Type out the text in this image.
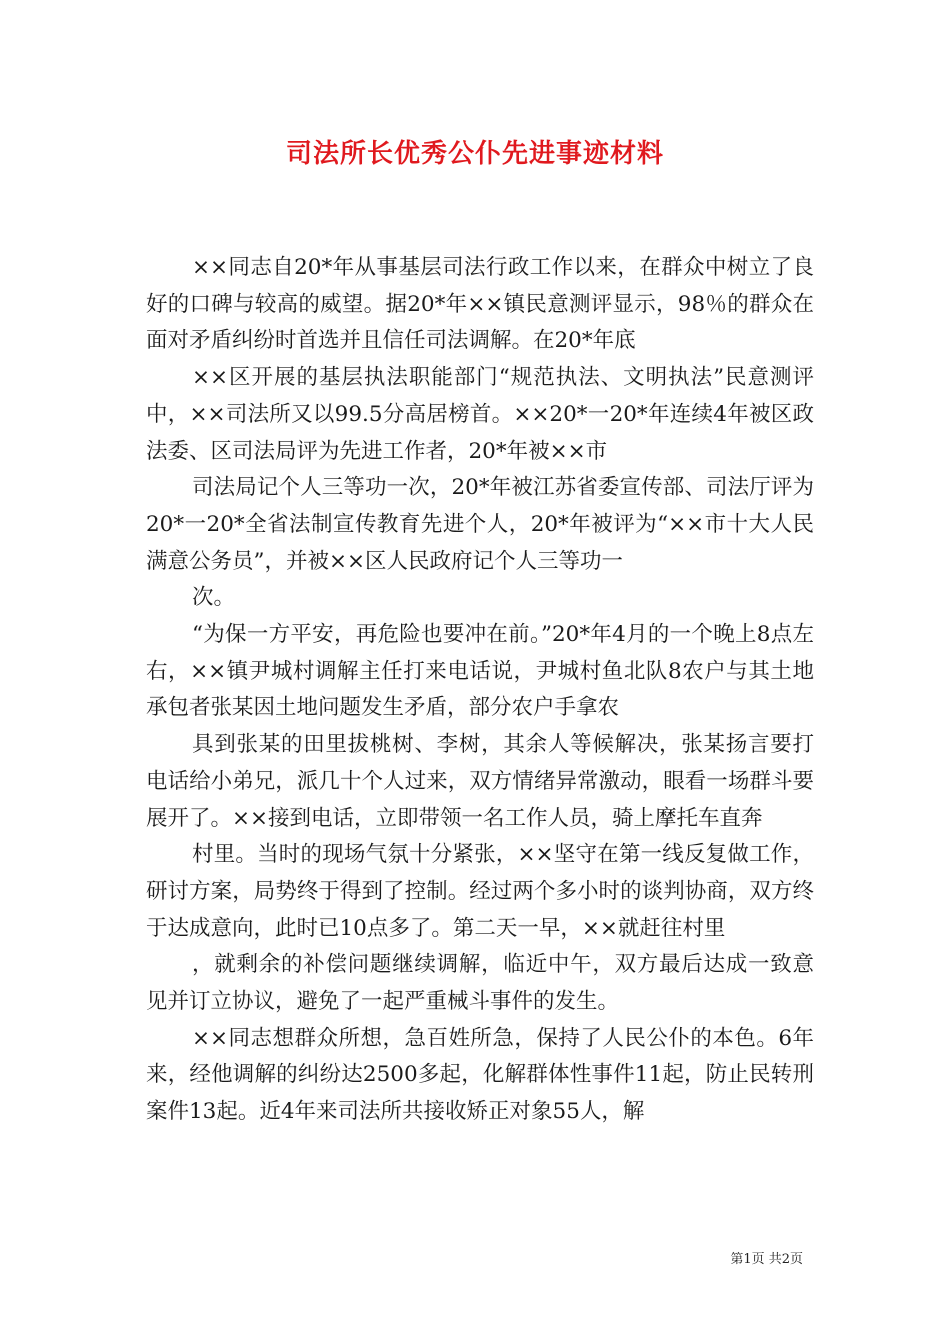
司法所长优秀公仆先进事迹材料

××同志自20*年从事基层司法行政工作以来，在群众中树立了良好的口碑与较高的威望。据20*年××镇民意测评显示，98％的群众在面对矛盾纠纷时首选并且信任司法调解。在20*年底

××区开展的基层执法职能部门“规范执法、文明执法”民意测评中，××司法所又以99.5分高居榜首。××20*一20*年连续4年被区政法委、区司法局评为先进工作者，20*年被××市

司法局记个人三等功一次，20*年被江苏省委宣传部、司法厅评为20*一20*全省法制宣传教育先进个人，20*年被评为“××市十大人民满意公务员”，并被××区人民政府记个人三等功一

次。

“为保一方平安，再危险也要冲在前。”20*年4月的一个晚上8点左右，××镇尹城村调解主任打来电话说，尹城村鱼北队8农户与其土地承包者张某因土地问题发生矛盾，部分农户手拿农

具到张某的田里拔桃树、李树，其余人等候解决，张某扬言要打电话给小弟兄，派几十个人过来，双方情绪异常激动，眼看一场群斗要展开了。××接到电话，立即带领一名工作人员，骑上摩托车直奔

村里。当时的现场气氛十分紧张，××坚守在第一线反复做工作，研讨方案，局势终于得到了控制。经过两个多小时的谈判协商，双方终于达成意向，此时已10点多了。第二天一早，××就赶往村里

，就剩余的补偿问题继续调解，临近中午，双方最后达成一致意见并订立协议，避免了一起严重械斗事件的发生。

××同志想群众所想，急百姓所急，保持了人民公仆的本色。6年来，经他调解的纠纷达2500多起，化解群体性事件11起，防止民转刑案件13起。近4年来司法所共接收矫正对象55人，解

第1页 共2页
